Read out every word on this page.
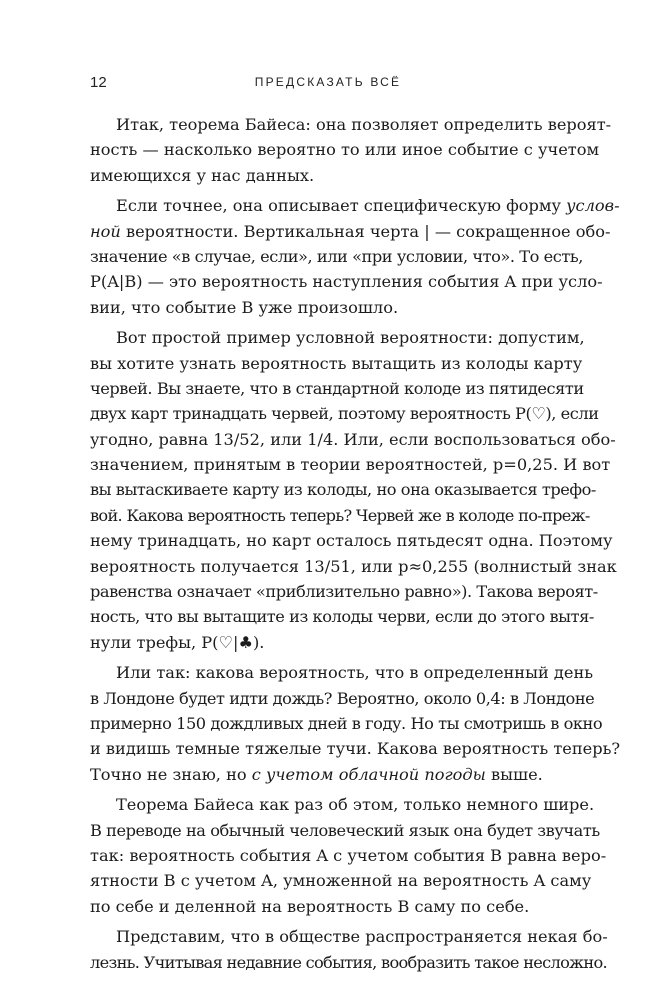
12	ПРЕДСКАЗАТЬ ВСЁ
Итак, теорема Байеса: она позволяет определить вероят-
ность — насколько вероятно то или иное событие с учетом
имеющихся у нас данных.
Если точнее, она описывает специфическую форму услов-
ной вероятности. Вертикальная черта | — сокращенное обо-
значение «в случае, если», или «при условии, что». То есть,
P(A|B) — это вероятность наступления события A при усло-
вии, что событие B уже произошло.
Вот простой пример условной вероятности: допустим,
вы хотите узнать вероятность вытащить из колоды карту
червей. Вы знаете, что в стандартной колоде из пятидесяти
двух карт тринадцать червей, поэтому вероятность P(♡), если
угодно, равна 13/52, или 1/4. Или, если воспользоваться обо-
значением, принятым в теории вероятностей, p=0,25. И вот
вы вытаскиваете карту из колоды, но она оказывается трефо-
вой. Какова вероятность теперь? Червей же в колоде по-преж-
нему тринадцать, но карт осталось пятьдесят одна. Поэтому
вероятность получается 13/51, или p≈0,255 (волнистый знак
равенства означает «приблизительно равно»). Такова вероят-
ность, что вы вытащите из колоды черви, если до этого вытя-
нули трефы, P(♡|♣).
Или так: какова вероятность, что в определенный день
в Лондоне будет идти дождь? Вероятно, около 0,4: в Лондоне
примерно 150 дождливых дней в году. Но ты смотришь в окно
и видишь темные тяжелые тучи. Какова вероятность теперь?
Точно не знаю, но с учетом облачной погоды выше.
Теорема Байеса как раз об этом, только немного шире.
В переводе на обычный человеческий язык она будет звучать
так: вероятность события A с учетом события B равна веро-
ятности B с учетом A, умноженной на вероятность A саму
по себе и деленной на вероятность B саму по себе.
Представим, что в обществе распространяется некая бо-
лезнь. Учитывая недавние события, вообразить такое несложно.
